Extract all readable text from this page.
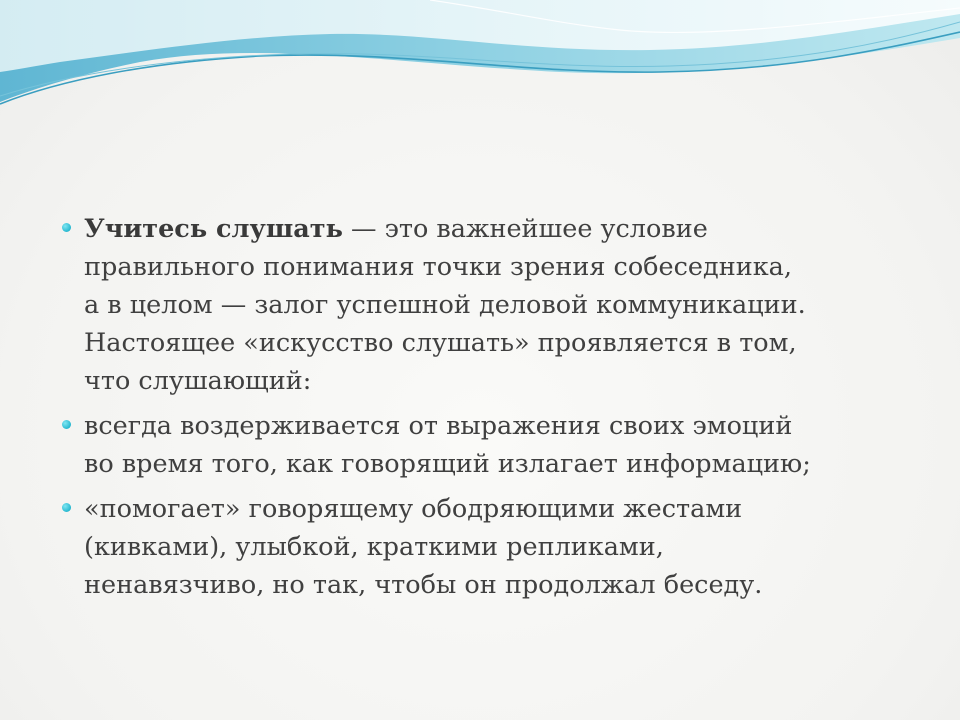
Учитесь слушать — это важнейшее условие
правильного понимания точки зрения собеседника,
а в целом — залог успешной деловой коммуникации.
Настоящее «искусство слушать» проявляется в том,
что слушающий:
всегда воздерживается от выражения своих эмоций
во время того, как говорящий излагает информацию;
«помогает» говорящему ободряющими жестами
(кивками), улыбкой, краткими репликами,
ненавязчиво, но так, чтобы он продолжал беседу.
